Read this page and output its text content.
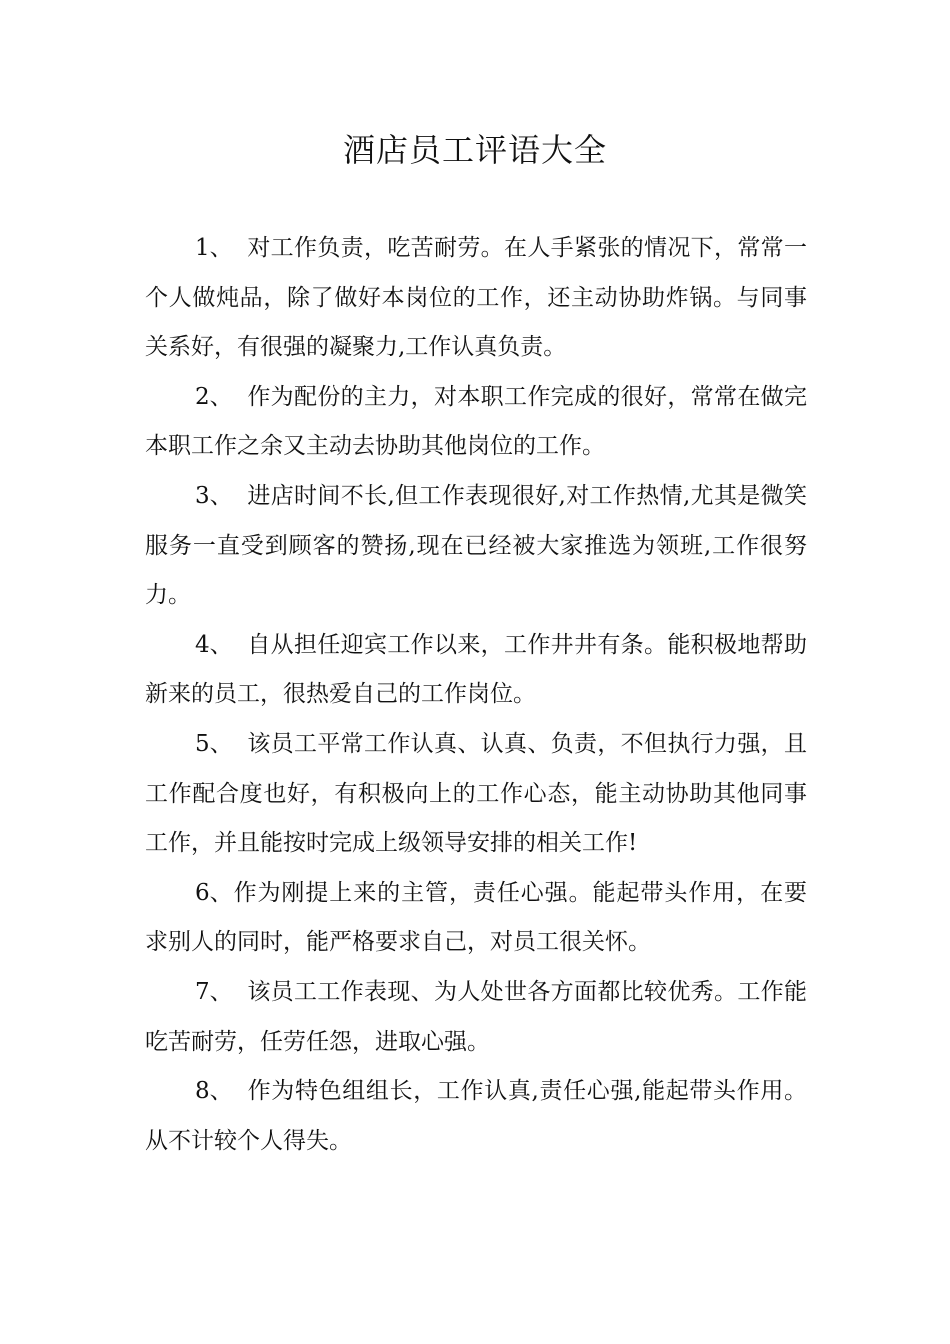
酒店员工评语大全

1、 对工作负责，吃苦耐劳。在人手紧张的情况下，常常一个人做炖品，除了做好本岗位的工作，还主动协助炸锅。与同事关系好，有很强的凝聚力,工作认真负责。

2、 作为配份的主力，对本职工作完成的很好，常常在做完本职工作之余又主动去协助其他岗位的工作。

3、 进店时间不长,但工作表现很好,对工作热情,尤其是微笑服务一直受到顾客的赞扬,现在已经被大家推选为领班,工作很努力。

4、 自从担任迎宾工作以来，工作井井有条。能积极地帮助新来的员工，很热爱自己的工作岗位。

5、 该员工平常工作认真、认真、负责，不但执行力强，且工作配合度也好，有积极向上的工作心态，能主动协助其他同事工作，并且能按时完成上级领导安排的相关工作!

6、作为刚提上来的主管，责任心强。能起带头作用，在要求别人的同时，能严格要求自己，对员工很关怀。

7、 该员工工作表现、为人处世各方面都比较优秀。工作能吃苦耐劳，任劳任怨，进取心强。

8、 作为特色组组长，工作认真,责任心强,能起带头作用。从不计较个人得失。
